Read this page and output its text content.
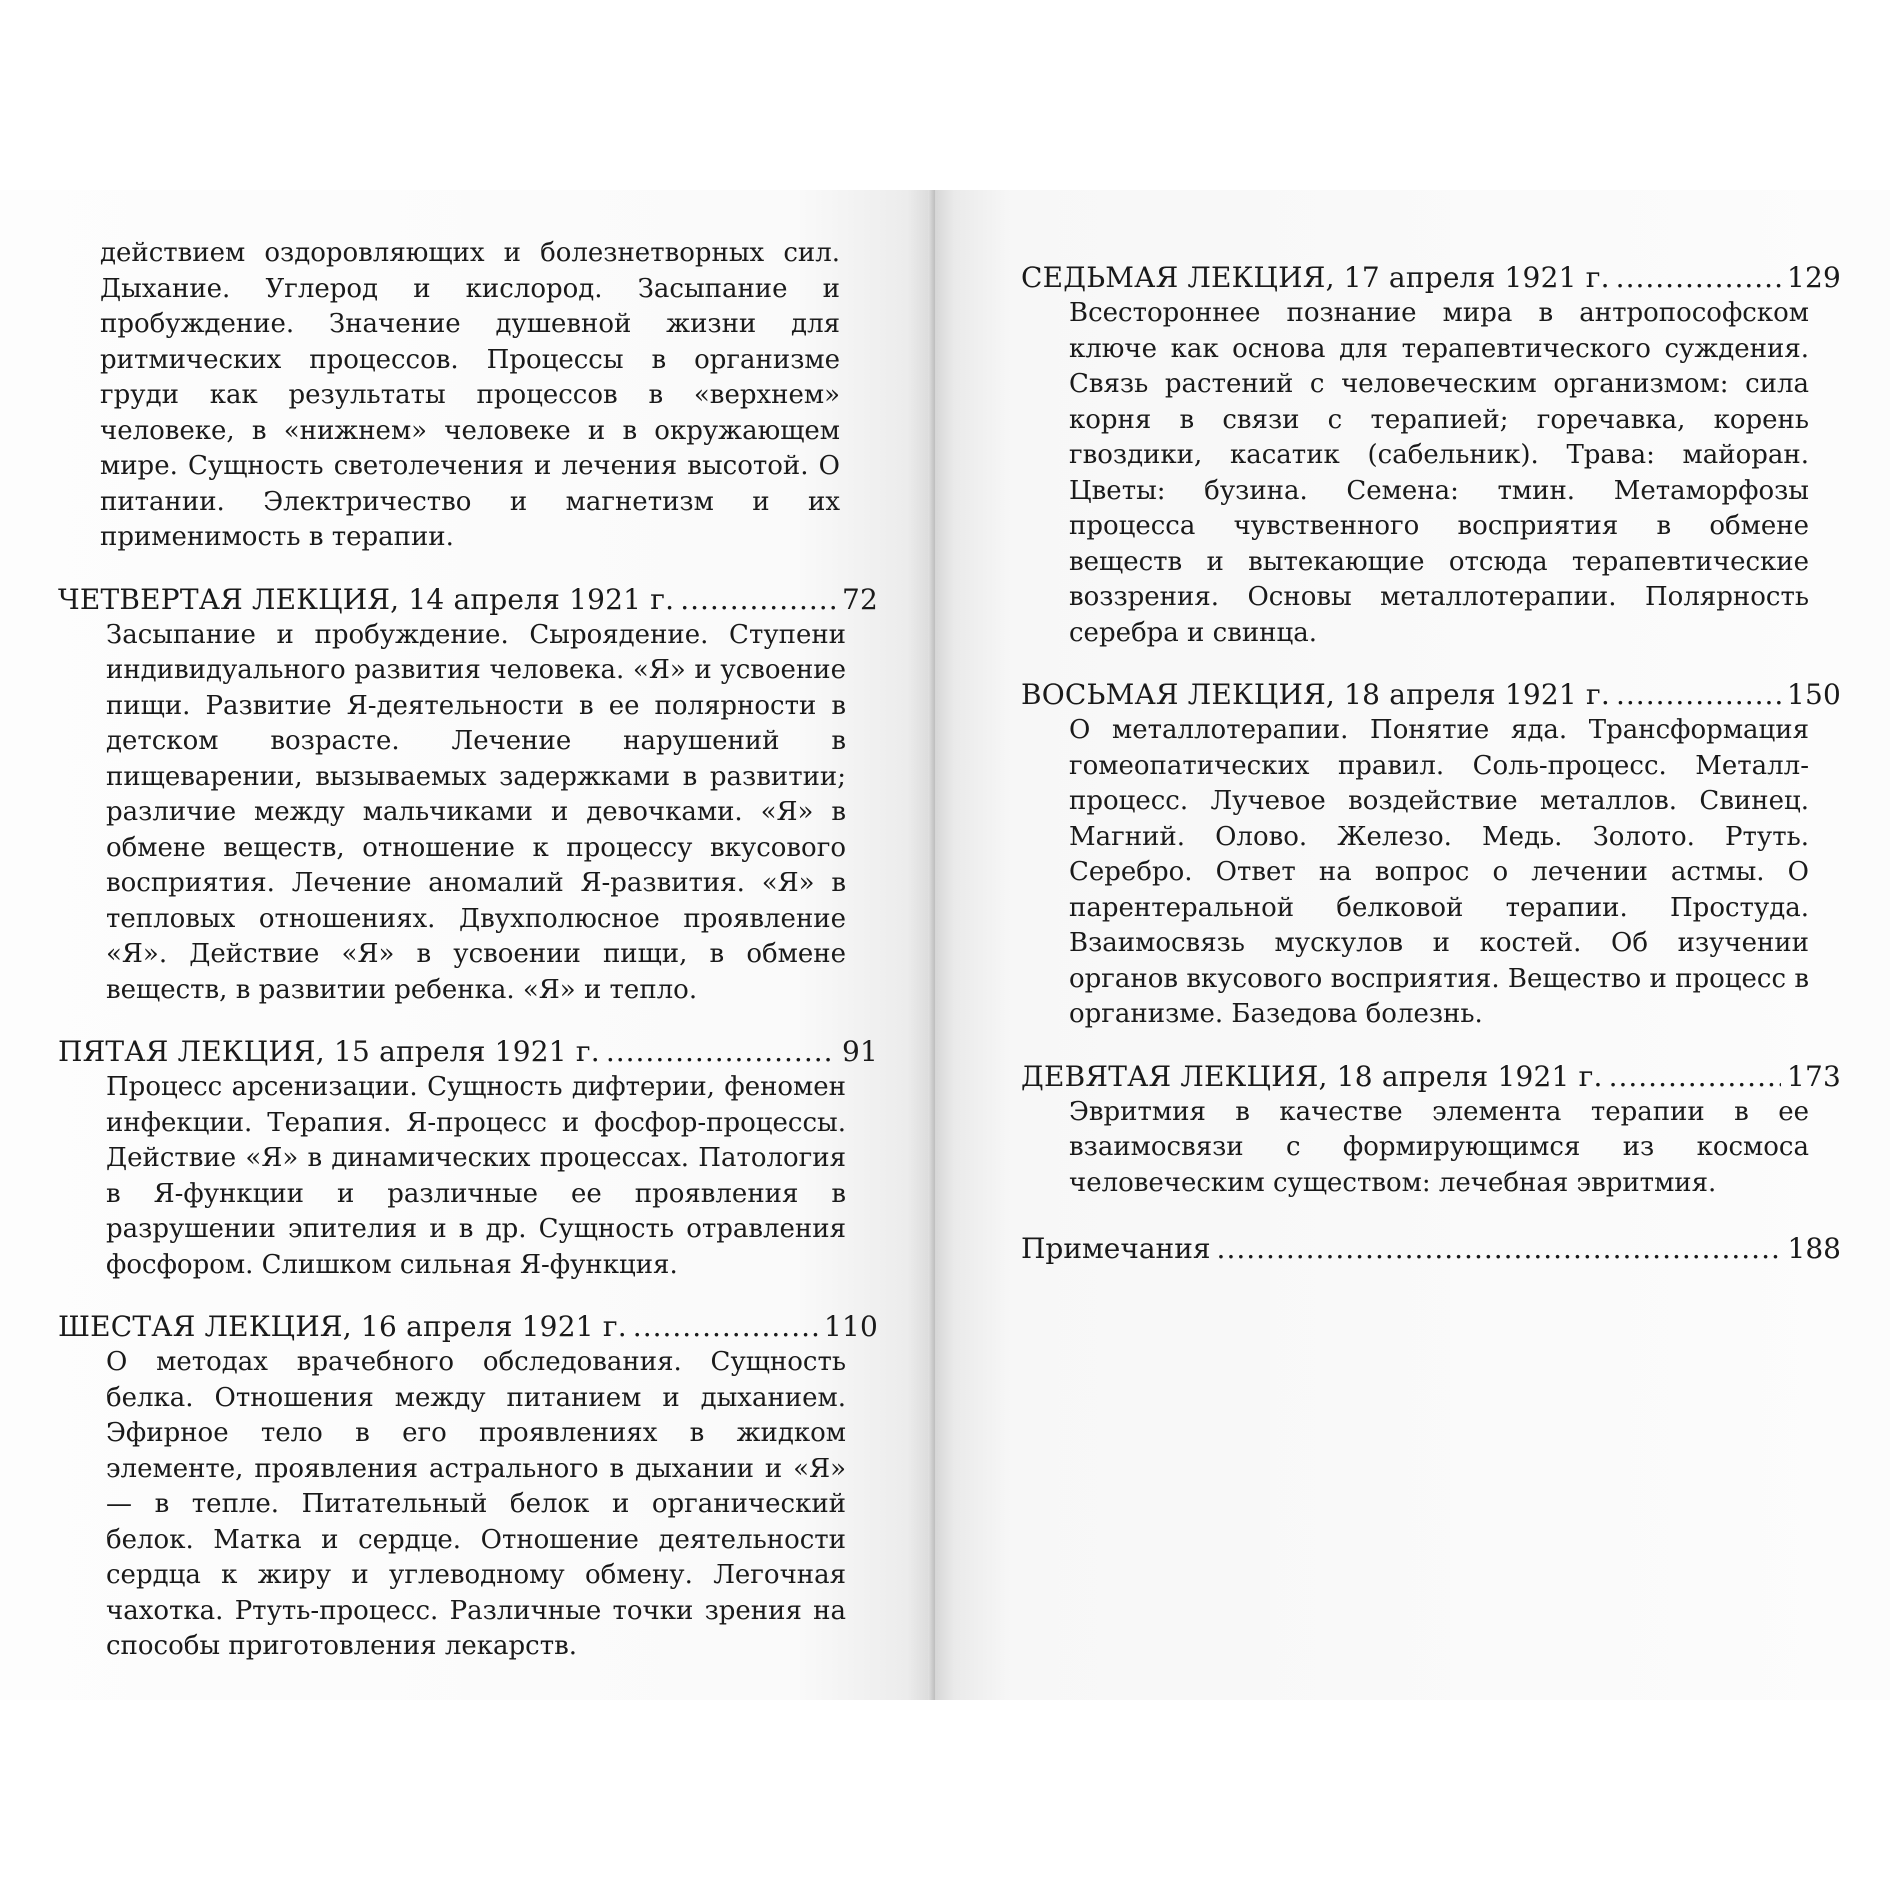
действием оздоровляющих и болезнетворных сил. Дыхание. Углерод и кислород. Засыпание и пробуждение. Значение душевной жизни для ритмических процессов. Процессы в организме груди как результаты процессов в «верхнем» человеке, в «нижнем» человеке и в окружающем мире. Сущность светолечения и лечения высотой. О питании. Электричество и магнетизм и их применимость в терапии.

ЧЕТВЕРТАЯ ЛЕКЦИЯ, 14 апреля 1921 г. .....	72

Засыпание и пробуждение. Сыроядение. Ступени индивидуального развития человека. «Я» и усвоение пищи. Развитие Я-деятельности в ее полярности в детском возрасте. Лечение нарушений в пищеварении, вызываемых задержками в развитии; различие между мальчиками и девочками. «Я» в обмене веществ, отношение к процессу вкусового восприятия. Лечение аномалий Я-развития. «Я» в тепловых отношениях. Двухполюсное проявление «Я». Действие «Я» в усвоении пищи, в обмене веществ, в развитии ребенка. «Я» и тепло.

ПЯТАЯ ЛЕКЦИЯ, 15 апреля 1921 г. .....	91

Процесс арсенизации. Сущность дифтерии, феномен инфекции. Терапия. Я-процесс и фосфор-процессы. Действие «Я» в динамических процессах. Патология в Я-функции и различные ее проявления в разрушении эпителия и в др. Сущность отравления фосфором. Слишком сильная Я-функция.

ШЕСТАЯ ЛЕКЦИЯ, 16 апреля 1921 г. .....	110

О методах врачебного обследования. Сущность белка. Отношения между питанием и дыханием. Эфирное тело в его проявлениях в жидком элементе, проявления астрального в дыхании и «Я» — в тепле. Питательный белок и органический белок. Матка и сердце. Отношение деятельности сердца к жиру и углеводному обмену. Легочная чахотка. Ртуть-процесс. Различные точки зрения на способы приготовления лекарств.

СЕДЬМАЯ ЛЕКЦИЯ, 17 апреля 1921 г. .....	129

Всестороннее познание мира в антропософском ключе как основа для терапевтического суждения. Связь растений с человеческим организмом: сила корня в связи с терапией; горечавка, корень гвоздики, касатик (сабельник). Трава: майоран. Цветы: бузина. Семена: тмин. Метаморфозы процесса чувственного восприятия в обмене веществ и вытекающие отсюда терапевтические воззрения. Основы металлотерапии. Полярность серебра и свинца.

ВОСЬМАЯ ЛЕКЦИЯ, 18 апреля 1921 г. .....	150

О металлотерапии. Понятие яда. Трансформация гомеопатических правил. Соль-процесс. Металл-процесс. Лучевое воздействие металлов. Свинец. Магний. Олово. Железо. Медь. Золото. Ртуть. Серебро. Ответ на вопрос о лечении астмы. О парентеральной белковой терапии. Простуда. Взаимосвязь мускулов и костей. Об изучении органов вкусового восприятия. Вещество и процесс в организме. Базедова болезнь.

ДЕВЯТАЯ ЛЕКЦИЯ, 18 апреля 1921 г. .....	173

Эвритмия в качестве элемента терапии в ее взаимосвязи с формирующимся из космоса человеческим существом: лечебная эвритмия.

Примечания .....	188
